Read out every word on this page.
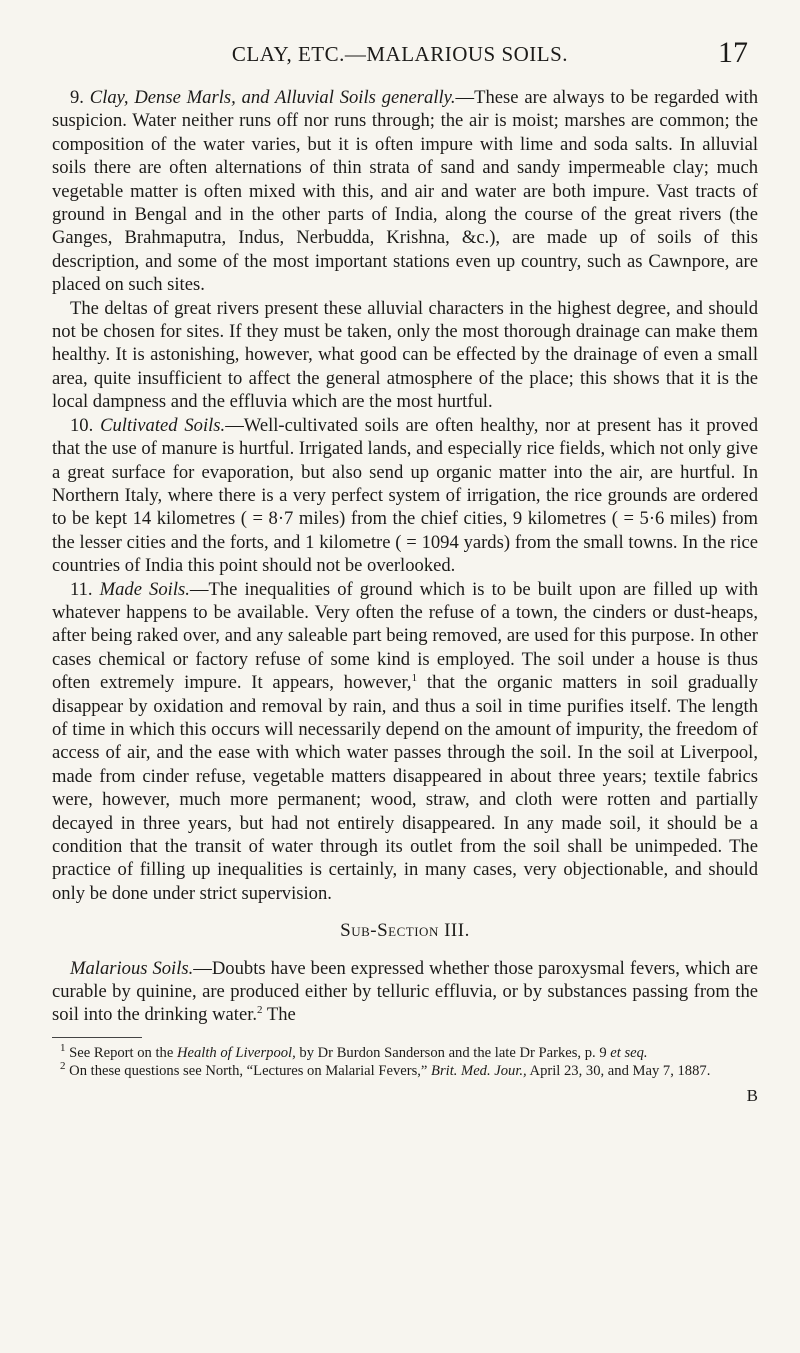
CLAY, ETC.—MALARIOUS SOILS.	17

9. Clay, Dense Marls, and Alluvial Soils generally.—These are always to be regarded with suspicion. Water neither runs off nor runs through; the air is moist; marshes are common; the composition of the water varies, but it is often impure with lime and soda salts. In alluvial soils there are often alternations of thin strata of sand and sandy impermeable clay; much vegetable matter is often mixed with this, and air and water are both impure. Vast tracts of ground in Bengal and in the other parts of India, along the course of the great rivers (the Ganges, Brahmaputra, Indus, Nerbudda, Krishna, &c.), are made up of soils of this description, and some of the most important stations even up country, such as Cawnpore, are placed on such sites.

The deltas of great rivers present these alluvial characters in the highest degree, and should not be chosen for sites. If they must be taken, only the most thorough drainage can make them healthy. It is astonishing, however, what good can be effected by the drainage of even a small area, quite insufficient to affect the general atmosphere of the place; this shows that it is the local dampness and the effluvia which are the most hurtful.

10. Cultivated Soils.—Well-cultivated soils are often healthy, nor at present has it proved that the use of manure is hurtful. Irrigated lands, and especially rice fields, which not only give a great surface for evaporation, but also send up organic matter into the air, are hurtful. In Northern Italy, where there is a very perfect system of irrigation, the rice grounds are ordered to be kept 14 kilometres ( = 8·7 miles) from the chief cities, 9 kilometres ( = 5·6 miles) from the lesser cities and the forts, and 1 kilometre ( = 1094 yards) from the small towns. In the rice countries of India this point should not be overlooked.

11. Made Soils.—The inequalities of ground which is to be built upon are filled up with whatever happens to be available. Very often the refuse of a town, the cinders or dust-heaps, after being raked over, and any saleable part being removed, are used for this purpose. In other cases chemical or factory refuse of some kind is employed. The soil under a house is thus often extremely impure. It appears, however,$^1$ that the organic matters in soil gradually disappear by oxidation and removal by rain, and thus a soil in time purifies itself. The length of time in which this occurs will necessarily depend on the amount of impurity, the freedom of access of air, and the ease with which water passes through the soil. In the soil at Liverpool, made from cinder refuse, vegetable matters disappeared in about three years; textile fabrics were, however, much more permanent; wood, straw, and cloth were rotten and partially decayed in three years, but had not entirely disappeared. In any made soil, it should be a condition that the transit of water through its outlet from the soil shall be unimpeded. The practice of filling up inequalities is certainly, in many cases, very objectionable, and should only be done under strict supervision.

Sub-Section III.

Malarious Soils.—Doubts have been expressed whether those paroxysmal fevers, which are curable by quinine, are produced either by telluric effluvia, or by substances passing from the soil into the drinking water.$^2$ The

$^1$ See Report on the Health of Liverpool, by Dr Burdon Sanderson and the late Dr Parkes, p. 9 et seq.

$^2$ On these questions see North, “Lectures on Malarial Fevers,” Brit. Med. Jour., April 23, 30, and May 7, 1887.

B
